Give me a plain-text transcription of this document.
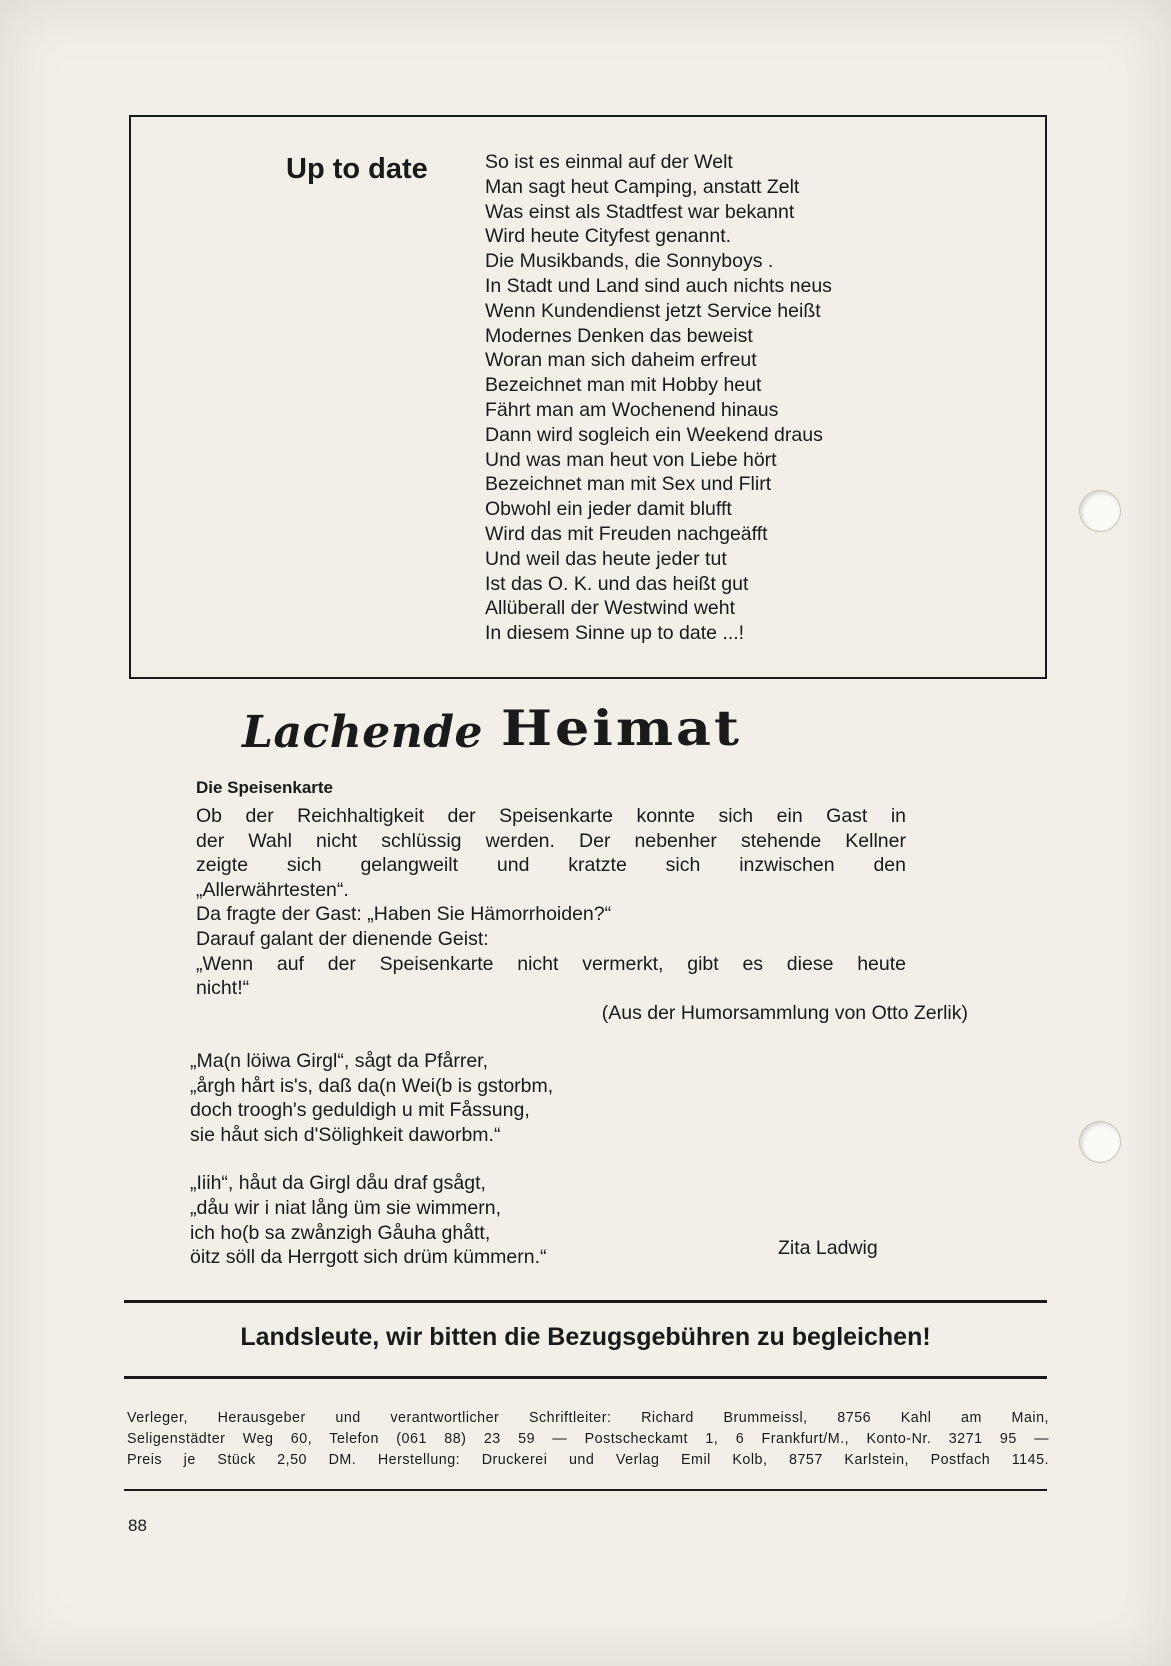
Up to date	So ist es einmal auf der Welt
Man sagt heut Camping, anstatt Zelt
Was einst als Stadtfest war bekannt
Wird heute Cityfest genannt.
Die Musikbands, die Sonnyboys .
In Stadt und Land sind auch nichts neus
Wenn Kundendienst jetzt Service heißt
Modernes Denken das beweist
Woran man sich daheim erfreut
Bezeichnet man mit Hobby heut
Fährt man am Wochenend hinaus
Dann wird sogleich ein Weekend draus
Und was man heut von Liebe hört
Bezeichnet man mit Sex und Flirt
Obwohl ein jeder damit blufft
Wird das mit Freuden nachgeäfft
Und weil das heute jeder tut
Ist das O. K. und das heißt gut
Allüberall der Westwind weht
In diesem Sinne up to date ...!
Lachende Heimat
Die Speisenkarte

Ob der Reichhaltigkeit der Speisenkarte konnte sich ein Gast in

der Wahl nicht schlüssig werden. Der nebenher stehende Kellner

zeigte sich gelangweilt und kratzte sich inzwischen den

„Allerwährtesten“.

Da fragte der Gast: „Haben Sie Hämorrhoiden?“

Darauf galant der dienende Geist:

„Wenn auf der Speisenkarte nicht vermerkt, gibt es diese heute

nicht!“

(Aus der Humorsammlung von Otto Zerlik)

„Ma(n löiwa Girgl“, sågt da Pfårrer,
„årgh hårt is's, daß da(n Wei(b is gstorbm,
doch troogh's geduldigh u mit Fåssung,
sie håut sich d'Sölighkeit daworbm.“
„Iiih“, håut da Girgl dåu draf gsågt,
„dåu wir i niat lång üm sie wimmern,
ich ho(b sa zwånzigh Gåuha ghått,
öitz söll da Herrgott sich drüm kümmern.“	Zita Ladwig
Landsleute, wir bitten die Bezugsgebühren zu begleichen!
Verleger, Herausgeber und verantwortlicher Schriftleiter: Richard Brummeissl, 8756 Kahl am Main,
Seligenstädter Weg 60, Telefon (061 88) 23 59 — Postscheckamt 1, 6 Frankfurt/M., Konto-Nr. 3271 95 —
Preis je Stück 2,50 DM. Herstellung: Druckerei und Verlag Emil Kolb, 8757 Karlstein, Postfach 1145.
88
